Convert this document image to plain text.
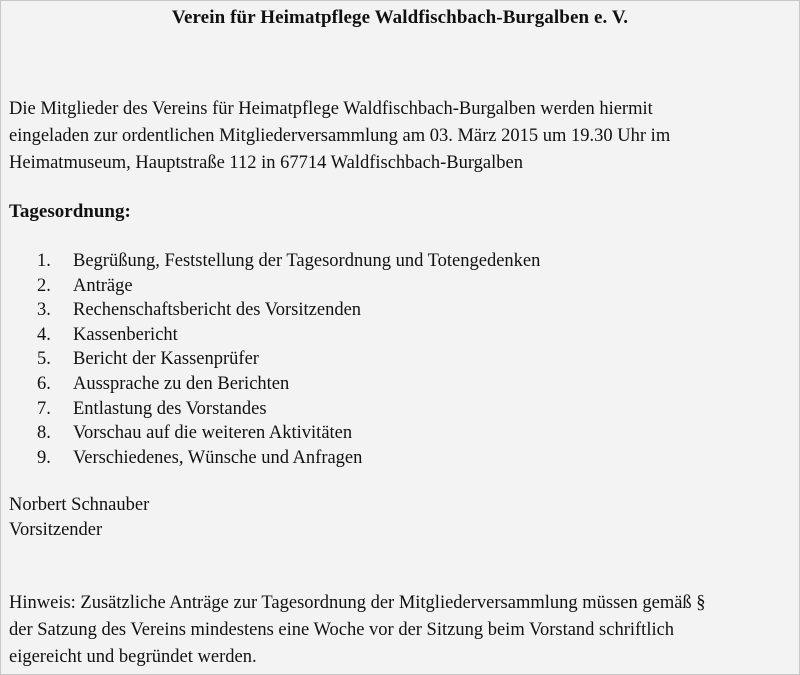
Verein für Heimatpflege Waldfischbach-Burgalben e. V.
Die Mitglieder des Vereins für Heimatpflege Waldfischbach-Burgalben werden hiermit
eingeladen zur ordentlichen Mitgliederversammlung am 03. März 2015 um 19.30 Uhr im
Heimatmuseum, Hauptstraße 112 in 67714 Waldfischbach-Burgalben
Tagesordnung:
1.	Begrüßung, Feststellung der Tagesordnung und Totengedenken
2.	Anträge
3.	Rechenschaftsbericht des Vorsitzenden
4.	Kassenbericht
5.	Bericht der Kassenprüfer
6.	Aussprache zu den Berichten
7.	Entlastung des Vorstandes
8.	Vorschau auf die weiteren Aktivitäten
9.	Verschiedenes, Wünsche und Anfragen
Norbert Schnauber
Vorsitzender
Hinweis: Zusätzliche Anträge zur Tagesordnung der Mitgliederversammlung müssen gemäß §
der Satzung des Vereins mindestens eine Woche vor der Sitzung beim Vorstand schriftlich
eigereicht und begründet werden.
